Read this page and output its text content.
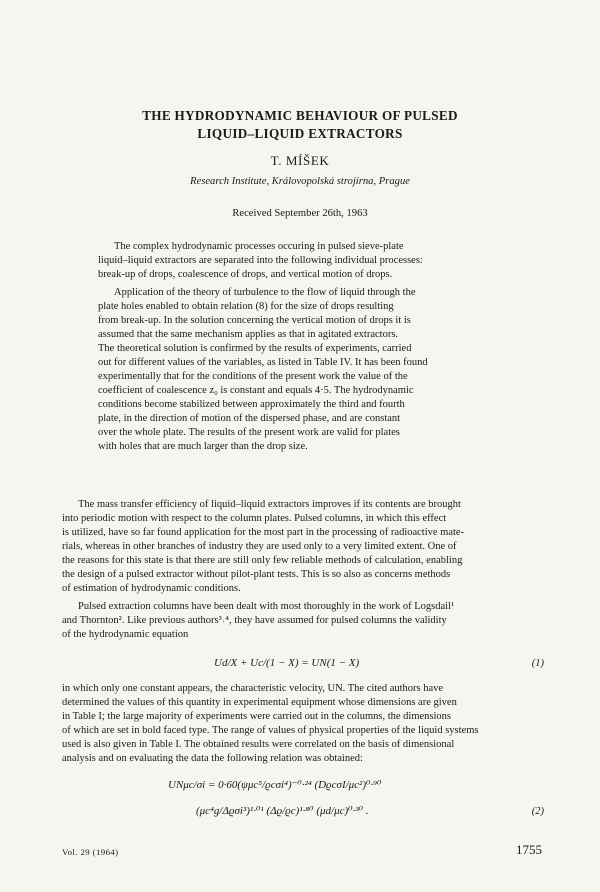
THE HYDRODYNAMIC BEHAVIOUR OF PULSED
LIQUID–LIQUID EXTRACTORS
T. MÍŠEK
Research Institute, Královopolská strojírna, Prague
Received September 26th, 1963
The complex hydrodynamic processes occuring in pulsed sieve-plate
liquid–liquid extractors are separated into the following individual processes:
break-up of drops, coalescence of drops, and vertical motion of drops.
Application of the theory of turbulence to the flow of liquid through the
plate holes enabled to obtain relation (8) for the size of drops resulting
from break-up. In the solution concerning the vertical motion of drops it is
assumed that the same mechanism applies as that in agitated extractors.
The theoretical solution is confirmed by the results of experiments, carried
out for different values of the variables, as listed in Table IV. It has been found
experimentally that for the conditions of the present work the value of the
coefficient of coalescence z₀ is constant and equals 4·5. The hydrodynamic
conditions become stabilized between approximately the third and fourth
plate, in the direction of motion of the dispersed phase, and are constant
over the whole plate. The results of the present work are valid for plates
with holes that are much larger than the drop size.
The mass transfer efficiency of liquid–liquid extractors improves if its contents are brought
into periodic motion with respect to the column plates. Pulsed columns, in which this effect
is utilized, have so far found application for the most part in the processing of radioactive mate-
rials, whereas in other branches of industry they are used only to a very limited extent. One of
the reasons for this state is that there are still only few reliable methods of calculation, enabling
the design of a pulsed extractor without pilot-plant tests. This is so also as concerns methods
of estimation of hydrodynamic conditions.
Pulsed extraction columns have been dealt with most thoroughly in the work of Logsdail¹
and Thornton². Like previous authors³˒⁴, they have assumed for pulsed columns the validity
of the hydrodynamic equation
Ud/X + Uc/(1 − X) = UN(1 − X)	(1)
in which only one constant appears, the characteristic velocity, UN. The cited authors have
determined the values of this quantity in experimental equipment whose dimensions are given
in Table I; the large majority of experiments were carried out in the columns, the dimensions
of which are set in bold faced type. The range of values of physical properties of the liquid systems
used is also given in Table I. The obtained results were correlated on the basis of dimensional
analysis and on evaluating the data the following relation was obtained:
UNμc/σi = 0·60(ψμc⁵/ϱcσi⁴)⁻⁰·²⁴ (DϱcσI/μc²)⁰·⁹⁰
(μc⁴g/Δϱσi³)¹·⁰¹ (Δϱ/ϱc)¹·⁸⁰ (μd/μc)⁰·³⁰ .	(2)
Vol. 29 (1964)	1755
